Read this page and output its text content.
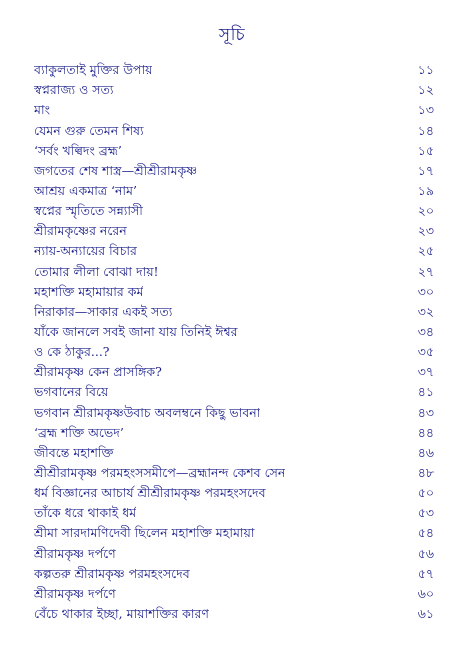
সূচি
ব্যাকুলতাই মুক্তির উপায়	১১
স্বপ্নরাজ্য ও সত্য	১২
মাং	১৩
যেমন গুরু তেমন শিষ্য	১৪
‘সর্বং খল্বিদং ব্রহ্ম’	১৫
জগতের শেষ শাস্ত্র—শ্রীশ্রীরামকৃষ্ণ	১৭
আশ্রয় একমাত্র ‘নাম’	১৯
স্বপ্নের স্মৃতিতে সন্ন্যাসী	২০
শ্রীরামকৃষ্ণের নরেন	২৩
ন্যায়-অন্যায়ের বিচার	২৫
তোমার লীলা বোঝা দায়!	২৭
মহাশক্তি মহামায়ার কর্ম	৩০
নিরাকার—সাকার একই সত্য	৩২
যাঁকে জানলে সবই জানা যায় তিনিই ঈশ্বর	৩৪
ও কে ঠাকুর...?	৩৫
শ্রীরামকৃষ্ণ কেন প্রাসঙ্গিক?	৩৭
ভগবানের বিয়ে	৪১
ভগবান শ্রীরামকৃষ্ণউবাচ অবলম্বনে কিছু ভাবনা	৪৩
‘ব্রহ্ম শক্তি অভেদ’	৪৪
জীবন্তে মহাশক্তি	৪৬
শ্রীশ্রীরামকৃষ্ণ পরমহংসসমীপে—ব্রহ্মানন্দ কেশব সেন	৪৮
ধর্ম বিজ্ঞানের আচার্য শ্রীশ্রীরামকৃষ্ণ পরমহংসদেব	৫০
তাঁকে ধরে থাকাই ধর্ম	৫৩
শ্রীমা সারদামণিদেবী ছিলেন মহাশক্তি মহামায়া	৫৪
শ্রীরামকৃষ্ণ দর্পণে	৫৬
কল্পতরু শ্রীরামকৃষ্ণ পরমহংসদেব	৫৭
শ্রীরামকৃষ্ণ দর্পণে	৬০
বেঁচে থাকার ইচ্ছা, মায়াশক্তির কারণ	৬১
